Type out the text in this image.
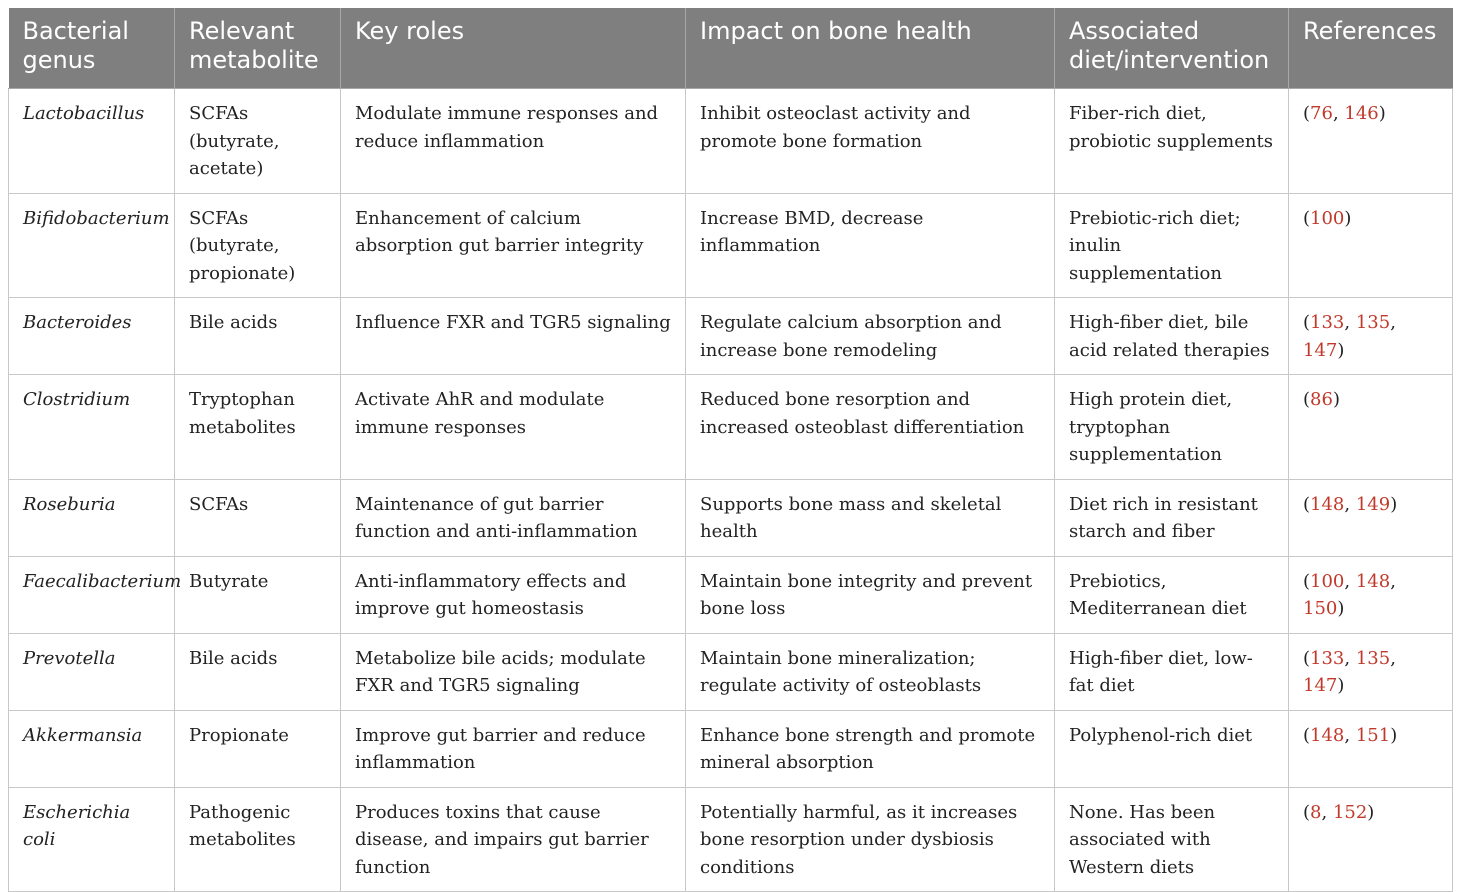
Bacterial genus	Relevant metabolite	Key roles	Impact on bone health	Associated diet/intervention	References
Lactobacillus	SCFAs (butyrate, acetate)	Modulate immune responses and reduce inflammation	Inhibit osteoclast activity and promote bone formation	Fiber-rich diet, probiotic supplements	(76, 146)
Bifidobacterium	SCFAs (butyrate, propionate)	Enhancement of calcium absorption gut barrier integrity	Increase BMD, decrease inflammation	Prebiotic-rich diet; inulin supplementation	(100)
Bacteroides	Bile acids	Influence FXR and TGR5 signaling	Regulate calcium absorption and increase bone remodeling	High-fiber diet, bile acid related therapies	(133, 135, 147)
Clostridium	Tryptophan metabolites	Activate AhR and modulate immune responses	Reduced bone resorption and increased osteoblast differentiation	High protein diet, tryptophan supplementation	(86)
Roseburia	SCFAs	Maintenance of gut barrier function and anti-inflammation	Supports bone mass and skeletal health	Diet rich in resistant starch and fiber	(148, 149)
Faecalibacterium	Butyrate	Anti-inflammatory effects and improve gut homeostasis	Maintain bone integrity and prevent bone loss	Prebiotics, Mediterranean diet	(100, 148, 150)
Prevotella	Bile acids	Metabolize bile acids; modulate FXR and TGR5 signaling	Maintain bone mineralization; regulate activity of osteoblasts	High-fiber diet, low-fat diet	(133, 135, 147)
Akkermansia	Propionate	Improve gut barrier and reduce inflammation	Enhance bone strength and promote mineral absorption	Polyphenol-rich diet	(148, 151)
Escherichia coli	Pathogenic metabolites	Produces toxins that cause disease, and impairs gut barrier function	Potentially harmful, as it increases bone resorption under dysbiosis conditions	None. Has been associated with Western diets	(8, 152)
